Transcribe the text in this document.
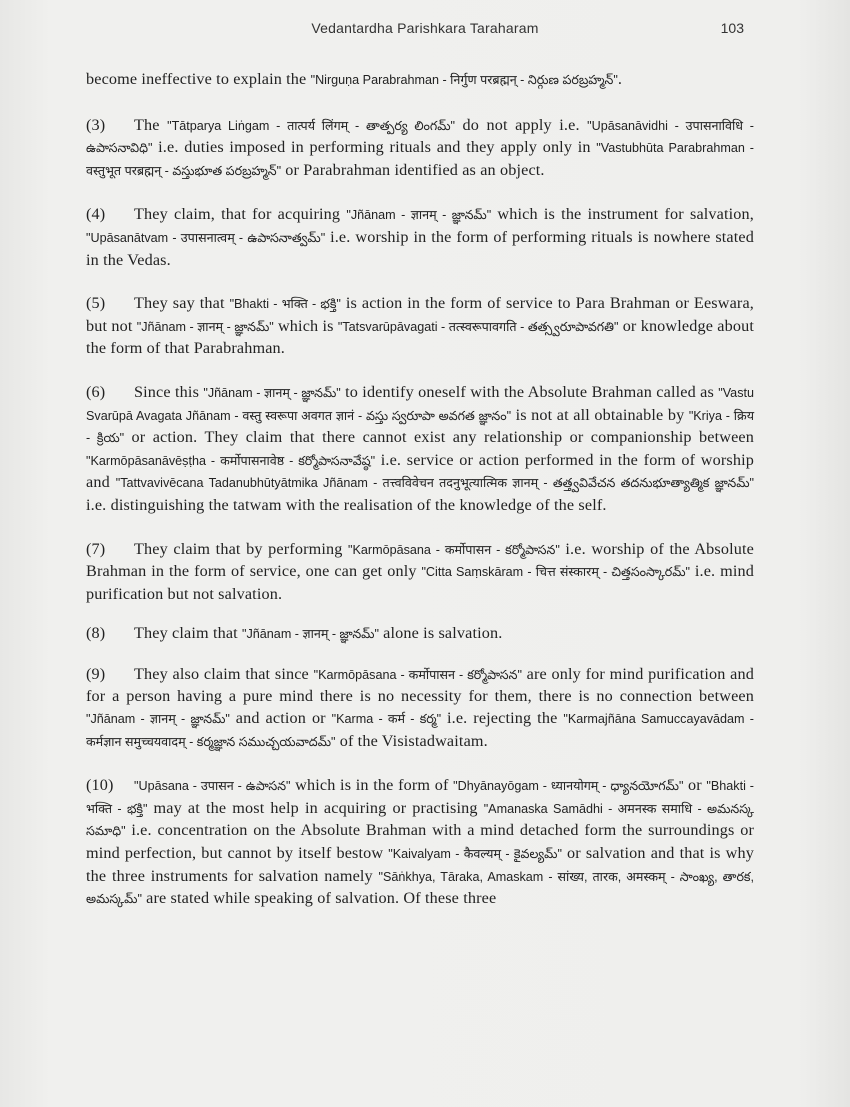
Vedantardha Parishkara Taraharam	103

become ineffective to explain the "Nirguṇa Parabrahman - निर्गुण परब्रह्मन् - నిర్గుణ పరబ్రహ్మన్".

(3) The "Tātparya Liṅgam - तात्पर्य लिंगम् - తాత్పర్య లింగమ్" do not apply i.e. "Upāsanāvidhi - उपासनाविधि - ఉపాసనావిధి" i.e. duties imposed in performing rituals and they apply only in "Vastubhūta Parabrahman - वस्तुभूत परब्रह्मन् - వస్తుభూత పరబ్రహ్మన్" or Parabrahman identified as an object.

(4) They claim, that for acquiring "Jñānam - ज्ञानम् - జ్ఞానమ్" which is the instrument for salvation, "Upāsanātvam - उपासनात्वम् - ఉపాసనాత్వమ్" i.e. worship in the form of performing rituals is nowhere stated in the Vedas.

(5) They say that "Bhakti - भक्ति - భక్తి" is action in the form of service to Para Brahman or Eeswara, but not "Jñānam - ज्ञानम् - జ్ఞానమ్" which is "Tatsvarūpāvagati - तत्स्वरूपावगति - తత్స్వరూపావగతి" or knowledge about the form of that Parabrahman.

(6) Since this "Jñānam - ज्ञानम् - జ్ఞానమ్" to identify oneself with the Absolute Brahman called as "Vastu Svarūpā Avagata Jñānam - वस्तु स्वरूपा अवगत ज्ञानं - వస్తు స్వరూపా అవగత జ్ఞానం" is not at all obtainable by "Kriya - क्रिय - క్రియ" or action. They claim that there cannot exist any relationship or companionship between "Karmōpāsanāvēṣṭha - कर्मोपासनावेष्ठ - కర్మోపాసనావేష్ఠ" i.e. service or action performed in the form of worship and "Tattvavivēcana Tadanubhūtyātmika Jñānam - तत्त्वविवेचन तदनुभूत्यात्मिक ज्ञानम् - తత్త్వవివేచన తదనుభూత్యాత్మిక జ్ఞానమ్" i.e. distinguishing the tatwam with the realisation of the knowledge of the self.

(7) They claim that by performing "Karmōpāsana - कर्मोपासन - కర్మోపాసన" i.e. worship of the Absolute Brahman in the form of service, one can get only "Citta Saṃskāram - चित्त संस्कारम् - చిత్తసంస్కారమ్" i.e. mind purification but not salvation.

(8) They claim that "Jñānam - ज्ञानम् - జ్ఞానమ్" alone is salvation.

(9) They also claim that since "Karmōpāsana - कर्मोपासन - కర్మోపాసన" are only for mind purification and for a person having a pure mind there is no necessity for them, there is no connection between "Jñānam - ज्ञानम् - జ్ఞానమ్" and action or "Karma - कर्म - కర్మ" i.e. rejecting the "Karmajñāna Samuccayavādam - कर्मज्ञान समुच्चयवादम् - కర్మజ్ఞాన సముచ్చయవాదమ్" of the Visistadwaitam.

(10) "Upāsana - उपासन - ఉపాసన" which is in the form of "Dhyānayōgam - ध्यानयोगम् - ధ్యానయోగమ్" or "Bhakti - भक्ति - భక్తి" may at the most help in acquiring or practising "Amanaska Samādhi - अमनस्क समाधि - అమనస్క సమాధి" i.e. concentration on the Absolute Brahman with a mind detached form the surroundings or mind perfection, but cannot by itself bestow "Kaivalyam - कैवल्यम् - కైవల్యమ్" or salvation and that is why the three instruments for salvation namely "Sāṅkhya, Tāraka, Amaskam - सांख्य, तारक, अमस्कम् - సాంఖ్య, తారక, అమస్కమ్" are stated while speaking of salvation. Of these three
